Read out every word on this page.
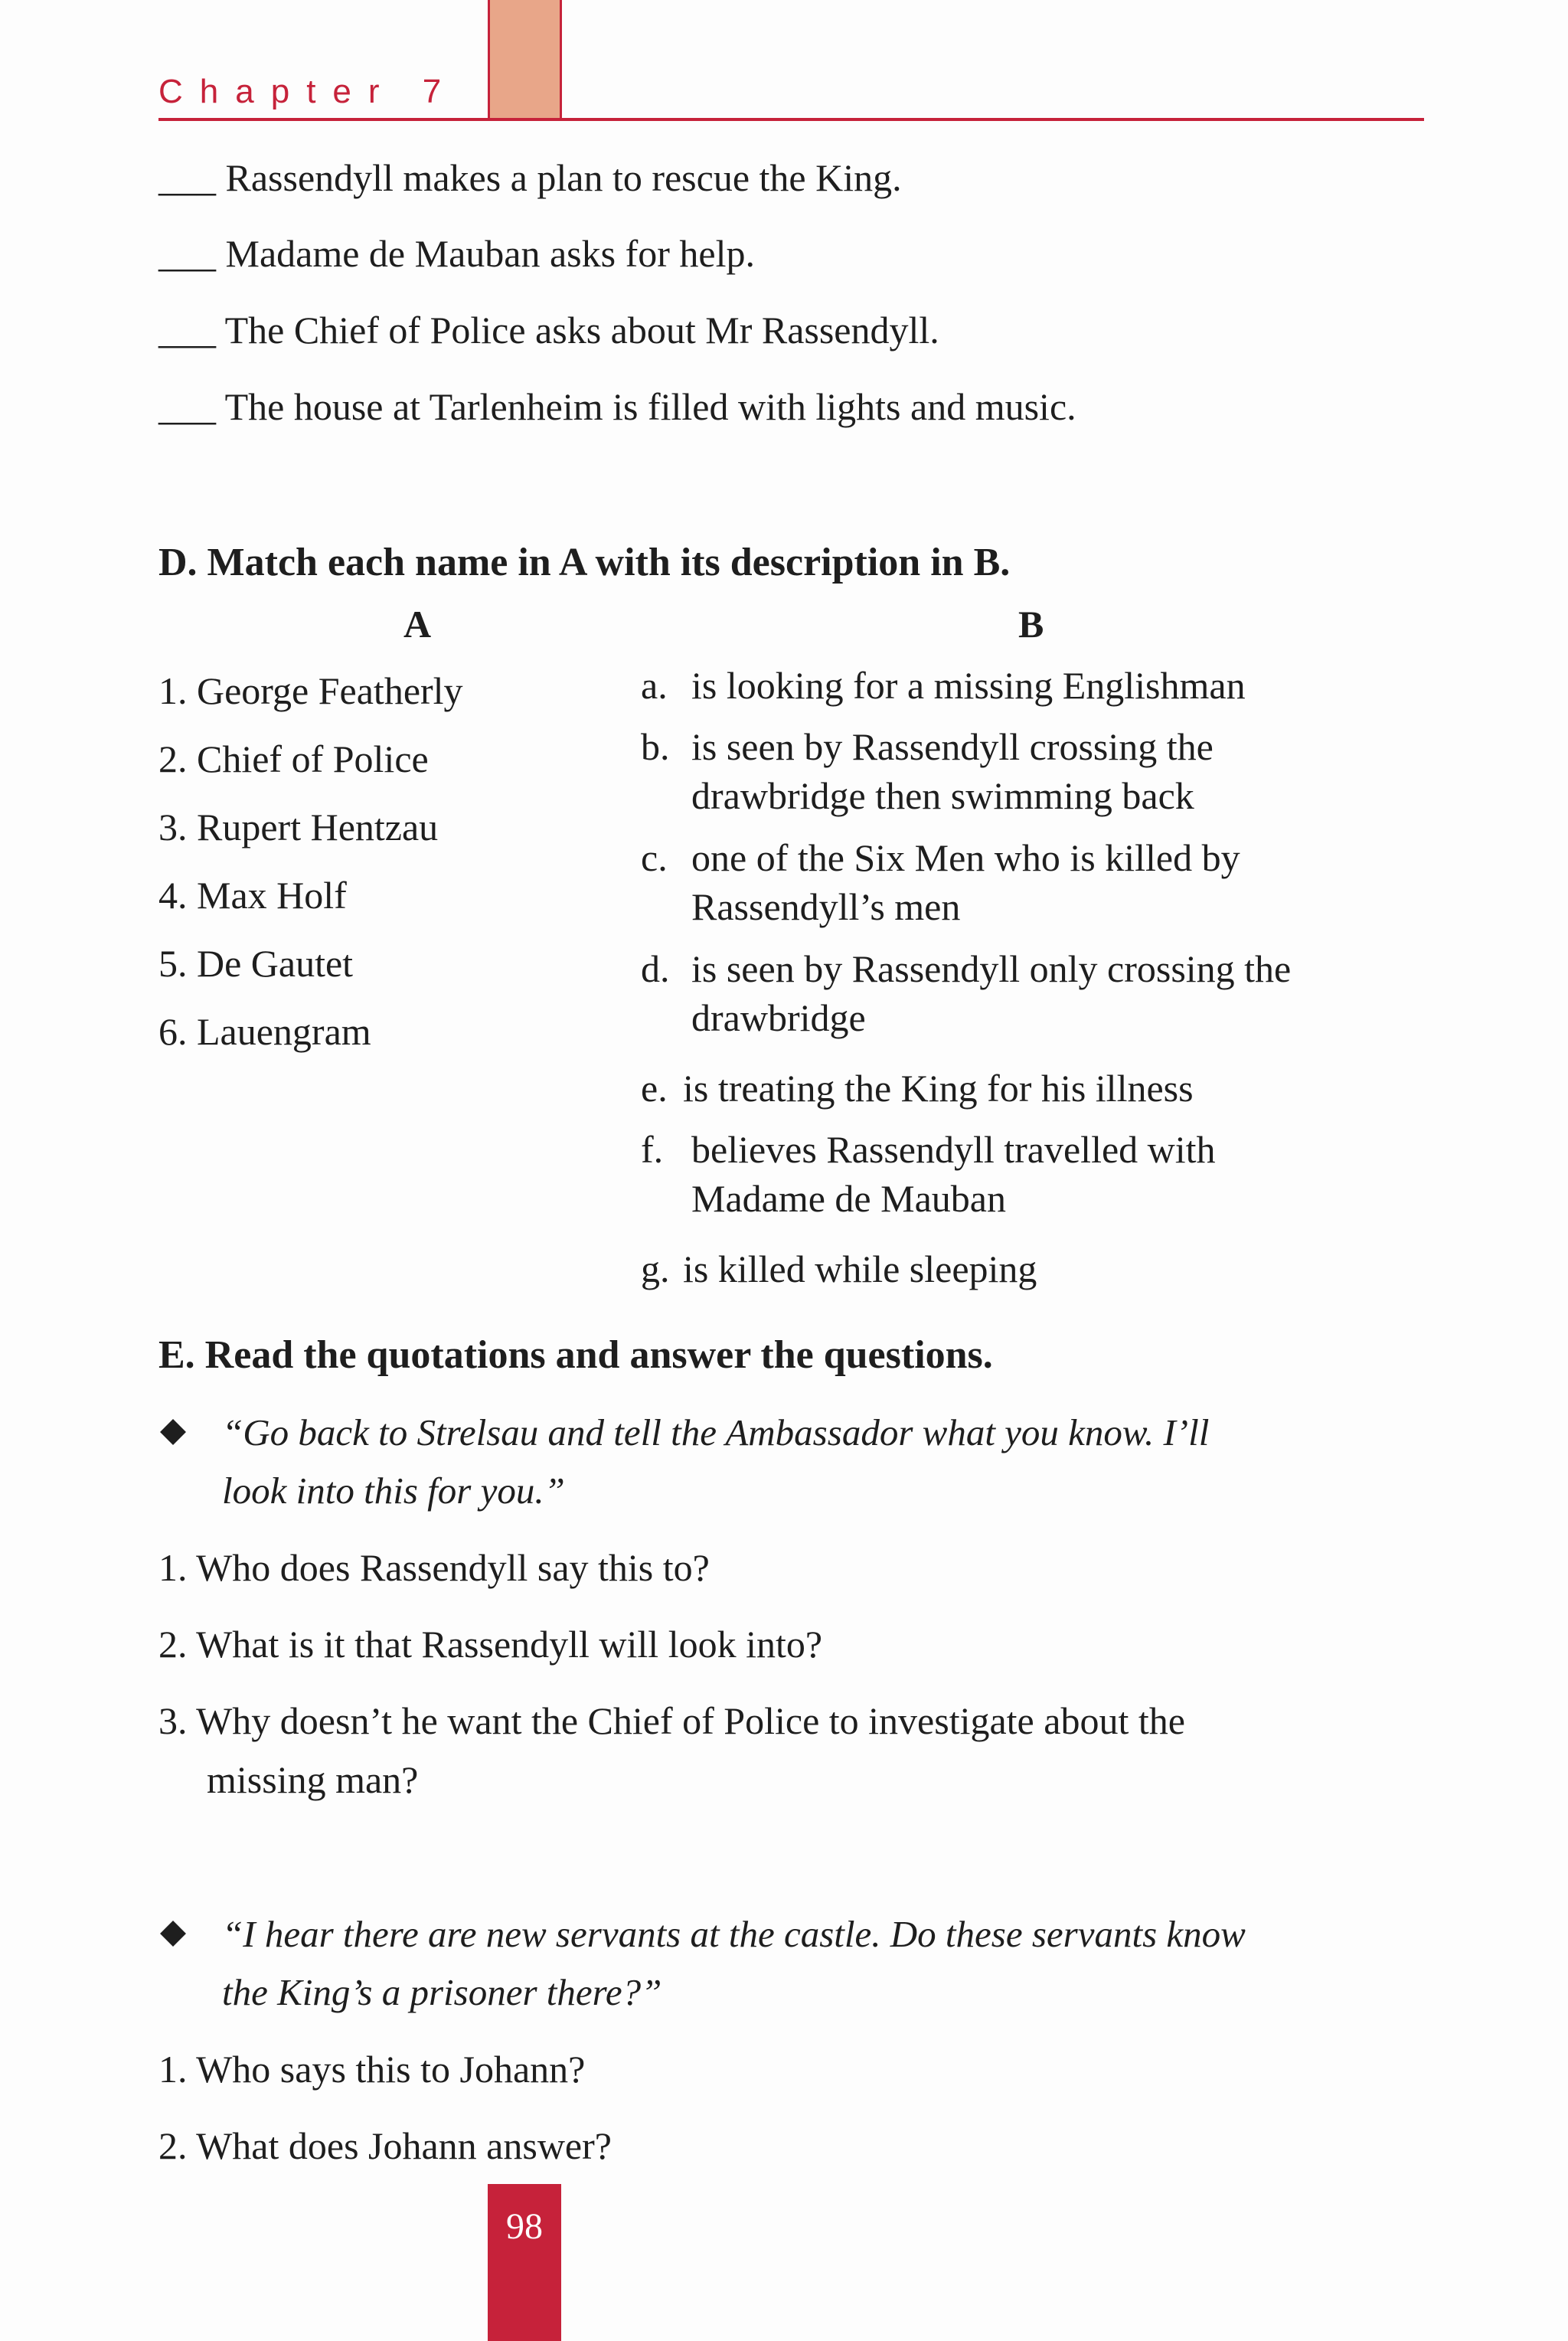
Chapter 7
___ Rassendyll makes a plan to rescue the King.
___ Madame de Mauban asks for help.
___ The Chief of Police asks about Mr Rassendyll.
___ The house at Tarlenheim is filled with lights and music.
D. Match each name in A with its description in B.
A	B
1. George Featherly
2. Chief of Police
3. Rupert Hentzau
4. Max Holf
5. De Gautet
6. Lauengram
a. is looking for a missing Englishman
b. is seen by Rassendyll crossing the
drawbridge then swimming back
c. one of the Six Men who is killed by
Rassendyll’s men
d. is seen by Rassendyll only crossing the
drawbridge
e. is treating the King for his illness
f. believes Rassendyll travelled with
Madame de Mauban
g. is killed while sleeping
E. Read the quotations and answer the questions.
“Go back to Strelsau and tell the Ambassador what you know. I’ll
look into this for you.”
1. Who does Rassendyll say this to?
2. What is it that Rassendyll will look into?
3. Why doesn’t he want the Chief of Police to investigate about the
missing man?
“I hear there are new servants at the castle. Do these servants know
the King’s a prisoner there?”
1. Who says this to Johann?
2. What does Johann answer?
98
